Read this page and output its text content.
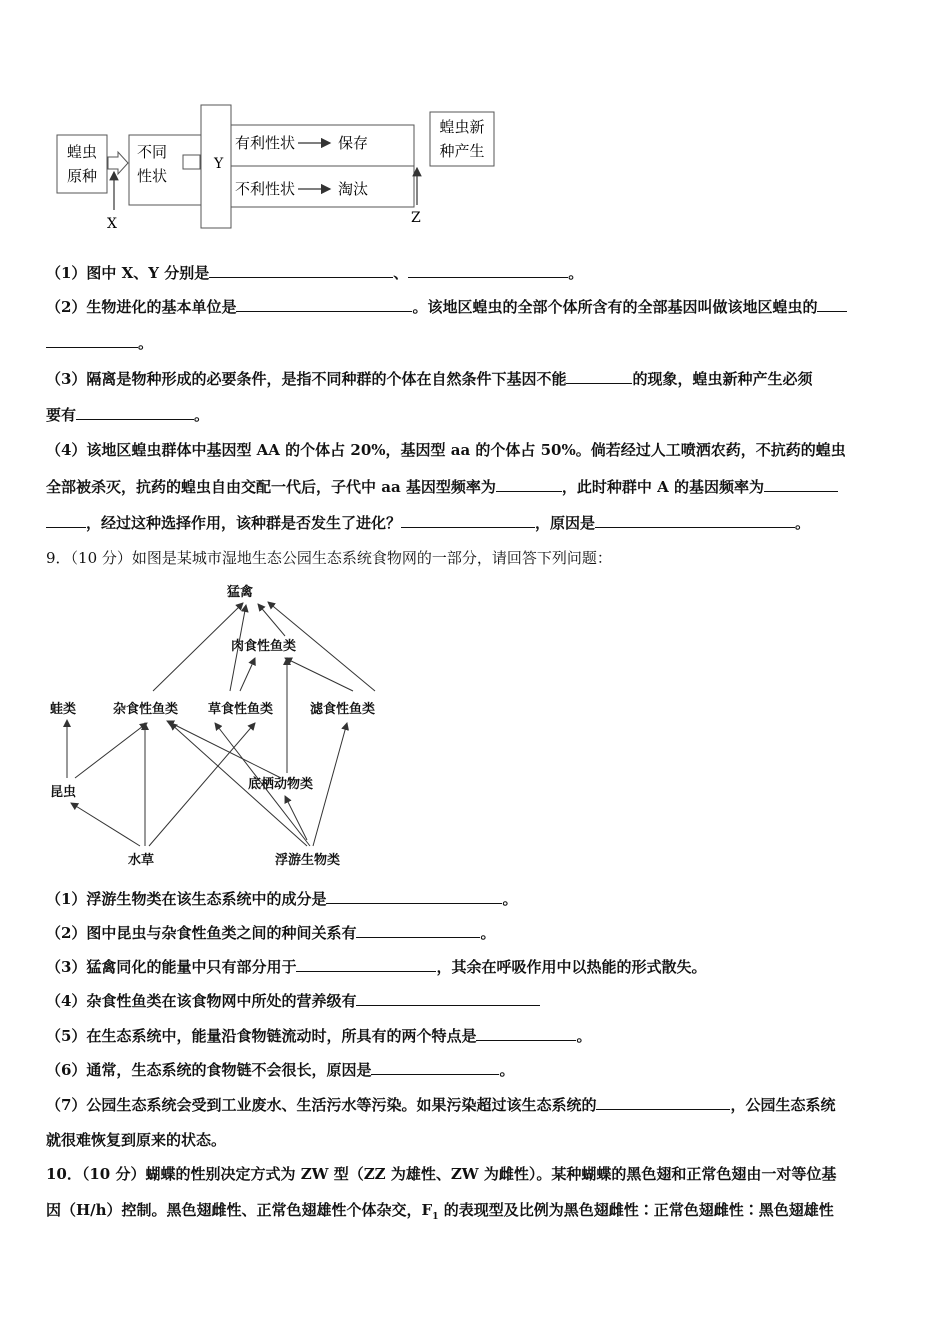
蝗虫
原种
不同
性状
Y
有利性状	保存
不利性状	淘汰
蝗虫新
种产生
X	Z
（1）图中 X、Y 分别是	、	。
（2）生物进化的基本单位是	。该地区蝗虫的全部个体所含有的全部基因叫做该地区蝗虫的
。
（3）隔离是物种形成的必要条件，是指不同种群的个体在自然条件下基因不能	的现象，蝗虫新种产生必须
要有	。
（4）该地区蝗虫群体中基因型 AA 的个体占 20%，基因型 aa 的个体占 50%。倘若经过人工喷洒农药，不抗药的蝗虫
全部被杀灭，抗药的蝗虫自由交配一代后，子代中 aa 基因型频率为	，此时种群中 A 的基因频率为
，经过这种选择作用，该种群是否发生了进化？	，原因是	。
9．（10 分）如图是某城市湿地生态公园生态系统食物网的一部分，请回答下列问题：
猛禽
肉食性鱼类
蛙类	杂食性鱼类 草食性鱼类	滤食性鱼类
昆虫
底栖动物类
水草	浮游生物类
（1）浮游生物类在该生态系统中的成分是	。
（2）图中昆虫与杂食性鱼类之间的种间关系有	。
（3）猛禽同化的能量中只有部分用于	，其余在呼吸作用中以热能的形式散失。
（4）杂食性鱼类在该食物网中所处的营养级有
（5）在生态系统中，能量沿食物链流动时，所具有的两个特点是	。
（6）通常，生态系统的食物链不会很长，原因是	。
（7）公园生态系统会受到工业废水、生活污水等污染。如果污染超过该生态系统的	，公园生态系统
就很难恢复到原来的状态。
10．（10 分）蝴蝶的性别决定方式为 ZW 型（ZZ 为雄性、ZW 为雌性）。某种蝴蝶的黑色翅和正常色翅由一对等位基
因（H/h）控制。黑色翅雌性、正常色翅雄性个体杂交，$F_1$ 的表现型及比例为黑色翅雌性∶正常色翅雌性∶黑色翅雄性
